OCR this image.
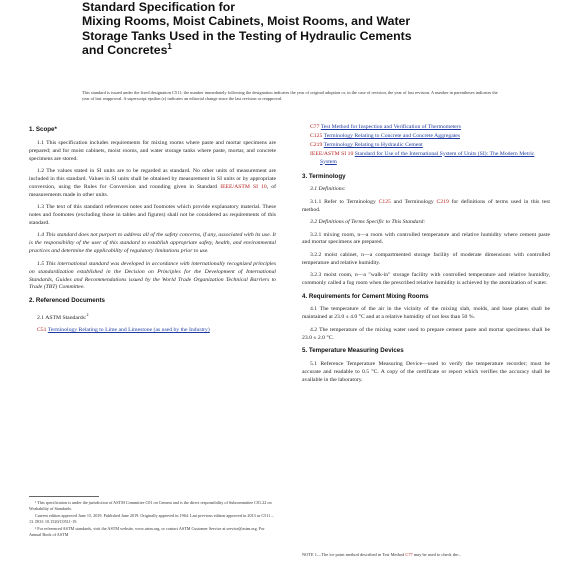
Standard Specification for
Mixing Rooms, Moist Cabinets, Moist Rooms, and Water
Storage Tanks Used in the Testing of Hydraulic Cements
and Concretes$^1$
This standard is issued under the fixed designation C511; the number immediately following the designation indicates the year of original adoption or, in the case of revision, the year of last revision. A number in parentheses indicates the year of last reapproval. A superscript epsilon (ε) indicates an editorial change since the last revision or reapproval.
1. Scope*

1.1 This specification includes requirements for mixing rooms where paste and mortar specimens are prepared; and for moist cabinets, moist rooms, and water storage tanks where paste, mortar, and concrete specimens are stored.

1.2 The values stated in SI units are to be regarded as standard. No other units of measurement are included in this standard. Values in SI units shall be obtained by measurement in SI units or by appropriate conversion, using the Rules for Conversion and rounding given in Standard IEEE/ASTM SI 10, of measurements made in other units.

1.3 The text of this standard references notes and footnotes which provide explanatory material. These notes and footnotes (excluding those in tables and figures) shall not be considered as requirements of this standard.

1.4 This standard does not purport to address all of the safety concerns, if any, associated with its use. It is the responsibility of the user of this standard to establish appropriate safety, health, and environmental practices and determine the applicability of regulatory limitations prior to use.

1.5 This international standard was developed in accordance with internationally recognized principles on standardization established in the Decision on Principles for the Development of International Standards, Guides and Recommendations issued by the World Trade Organization Technical Barriers to Trade (TBT) Committee.

2. Referenced Documents

2.1 ASTM Standards:$^2$

C51 Terminology Relating to Lime and Limestone (as used by the Industry)

¹ This specification is under the jurisdiction of ASTM Committee C01 on Cement and is the direct responsibility of Subcommittee C01.22 on Workability of Standards.

Current edition approved June 15, 2019. Published June 2019. Originally approved in 1964. Last previous edition approved in 2013 as C511 – 13. DOI: 10.1520/C0511-19.

² For referenced ASTM standards, visit the ASTM website, www.astm.org, or contact ASTM Customer Service at service@astm.org. For Annual Book of ASTM

C77 Test Method for Inspection and Verification of Thermometers
C125 Terminology Relating to Concrete and Concrete Aggregates
C219 Terminology Relating to Hydraulic Cement
IEEE/ASTM SI 10 Standard for Use of the International System of Units (SI): The Modern Metric System
3. Terminology

3.1 Definitions:

3.1.1 Refer to Terminology C125 and Terminology C219 for definitions of terms used in this test method.

3.2 Definitions of Terms Specific to This Standard:

3.2.1 mixing room, n—a room with controlled temperature and relative humidity where cement paste and mortar specimens are prepared.

3.2.2 moist cabinet, n—a compartmented storage facility of moderate dimensions with controlled temperature and relative humidity.

3.2.3 moist room, n—a "walk-in" storage facility with controlled temperature and relative humidity, commonly called a fog room when the prescribed relative humidity is achieved by the atomization of water.

4. Requirements for Cement Mixing Rooms

4.1 The temperature of the air in the vicinity of the mixing slab, molds, and base plates shall be maintained at 23.0 ± 4.0 °C and at a relative humidity of not less than 50 %.

4.2 The temperature of the mixing water used to prepare cement paste and mortar specimens shall be 23.0 ± 2.0 °C.

5. Temperature Measuring Devices

5.1 Reference Temperature Measuring Device—used to verify the temperature recorder; must be accurate and readable to 0.5 °C. A copy of the certificate or report which verifies the accuracy shall be available in the laboratory.

NOTE 1—The ice point method described in Test Method C77 may be used to check the...
